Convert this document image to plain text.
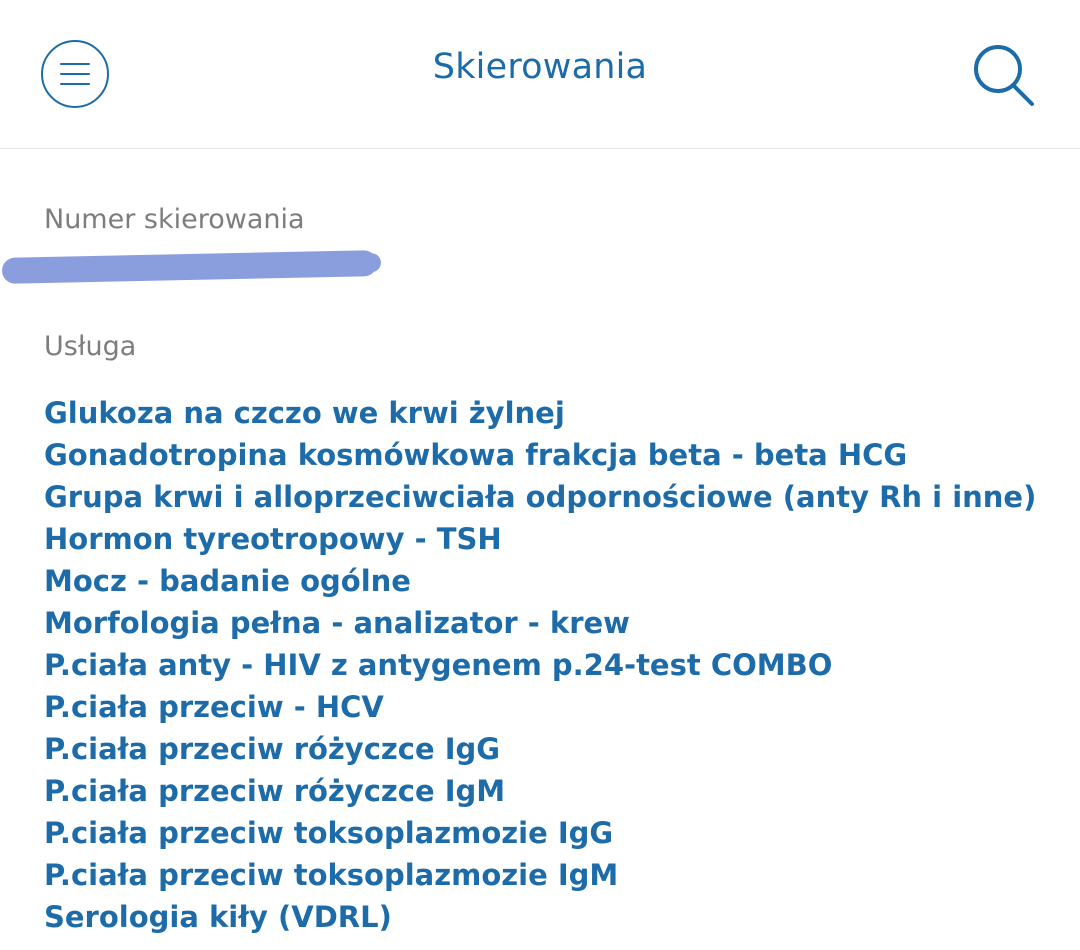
Skierowania
Numer skierowania
Usługa
Glukoza na czczo we krwi żylnej
Gonadotropina kosmówkowa frakcja beta - beta HCG
Grupa krwi i alloprzeciwciała odpornościowe (anty Rh i inne)
Hormon tyreotropowy - TSH
Mocz - badanie ogólne
Morfologia pełna - analizator - krew
P.ciała anty - HIV z antygenem p.24-test COMBO
P.ciała przeciw - HCV
P.ciała przeciw różyczce IgG
P.ciała przeciw różyczce IgM
P.ciała przeciw toksoplazmozie IgG
P.ciała przeciw toksoplazmozie IgM
Serologia kiły (VDRL)
